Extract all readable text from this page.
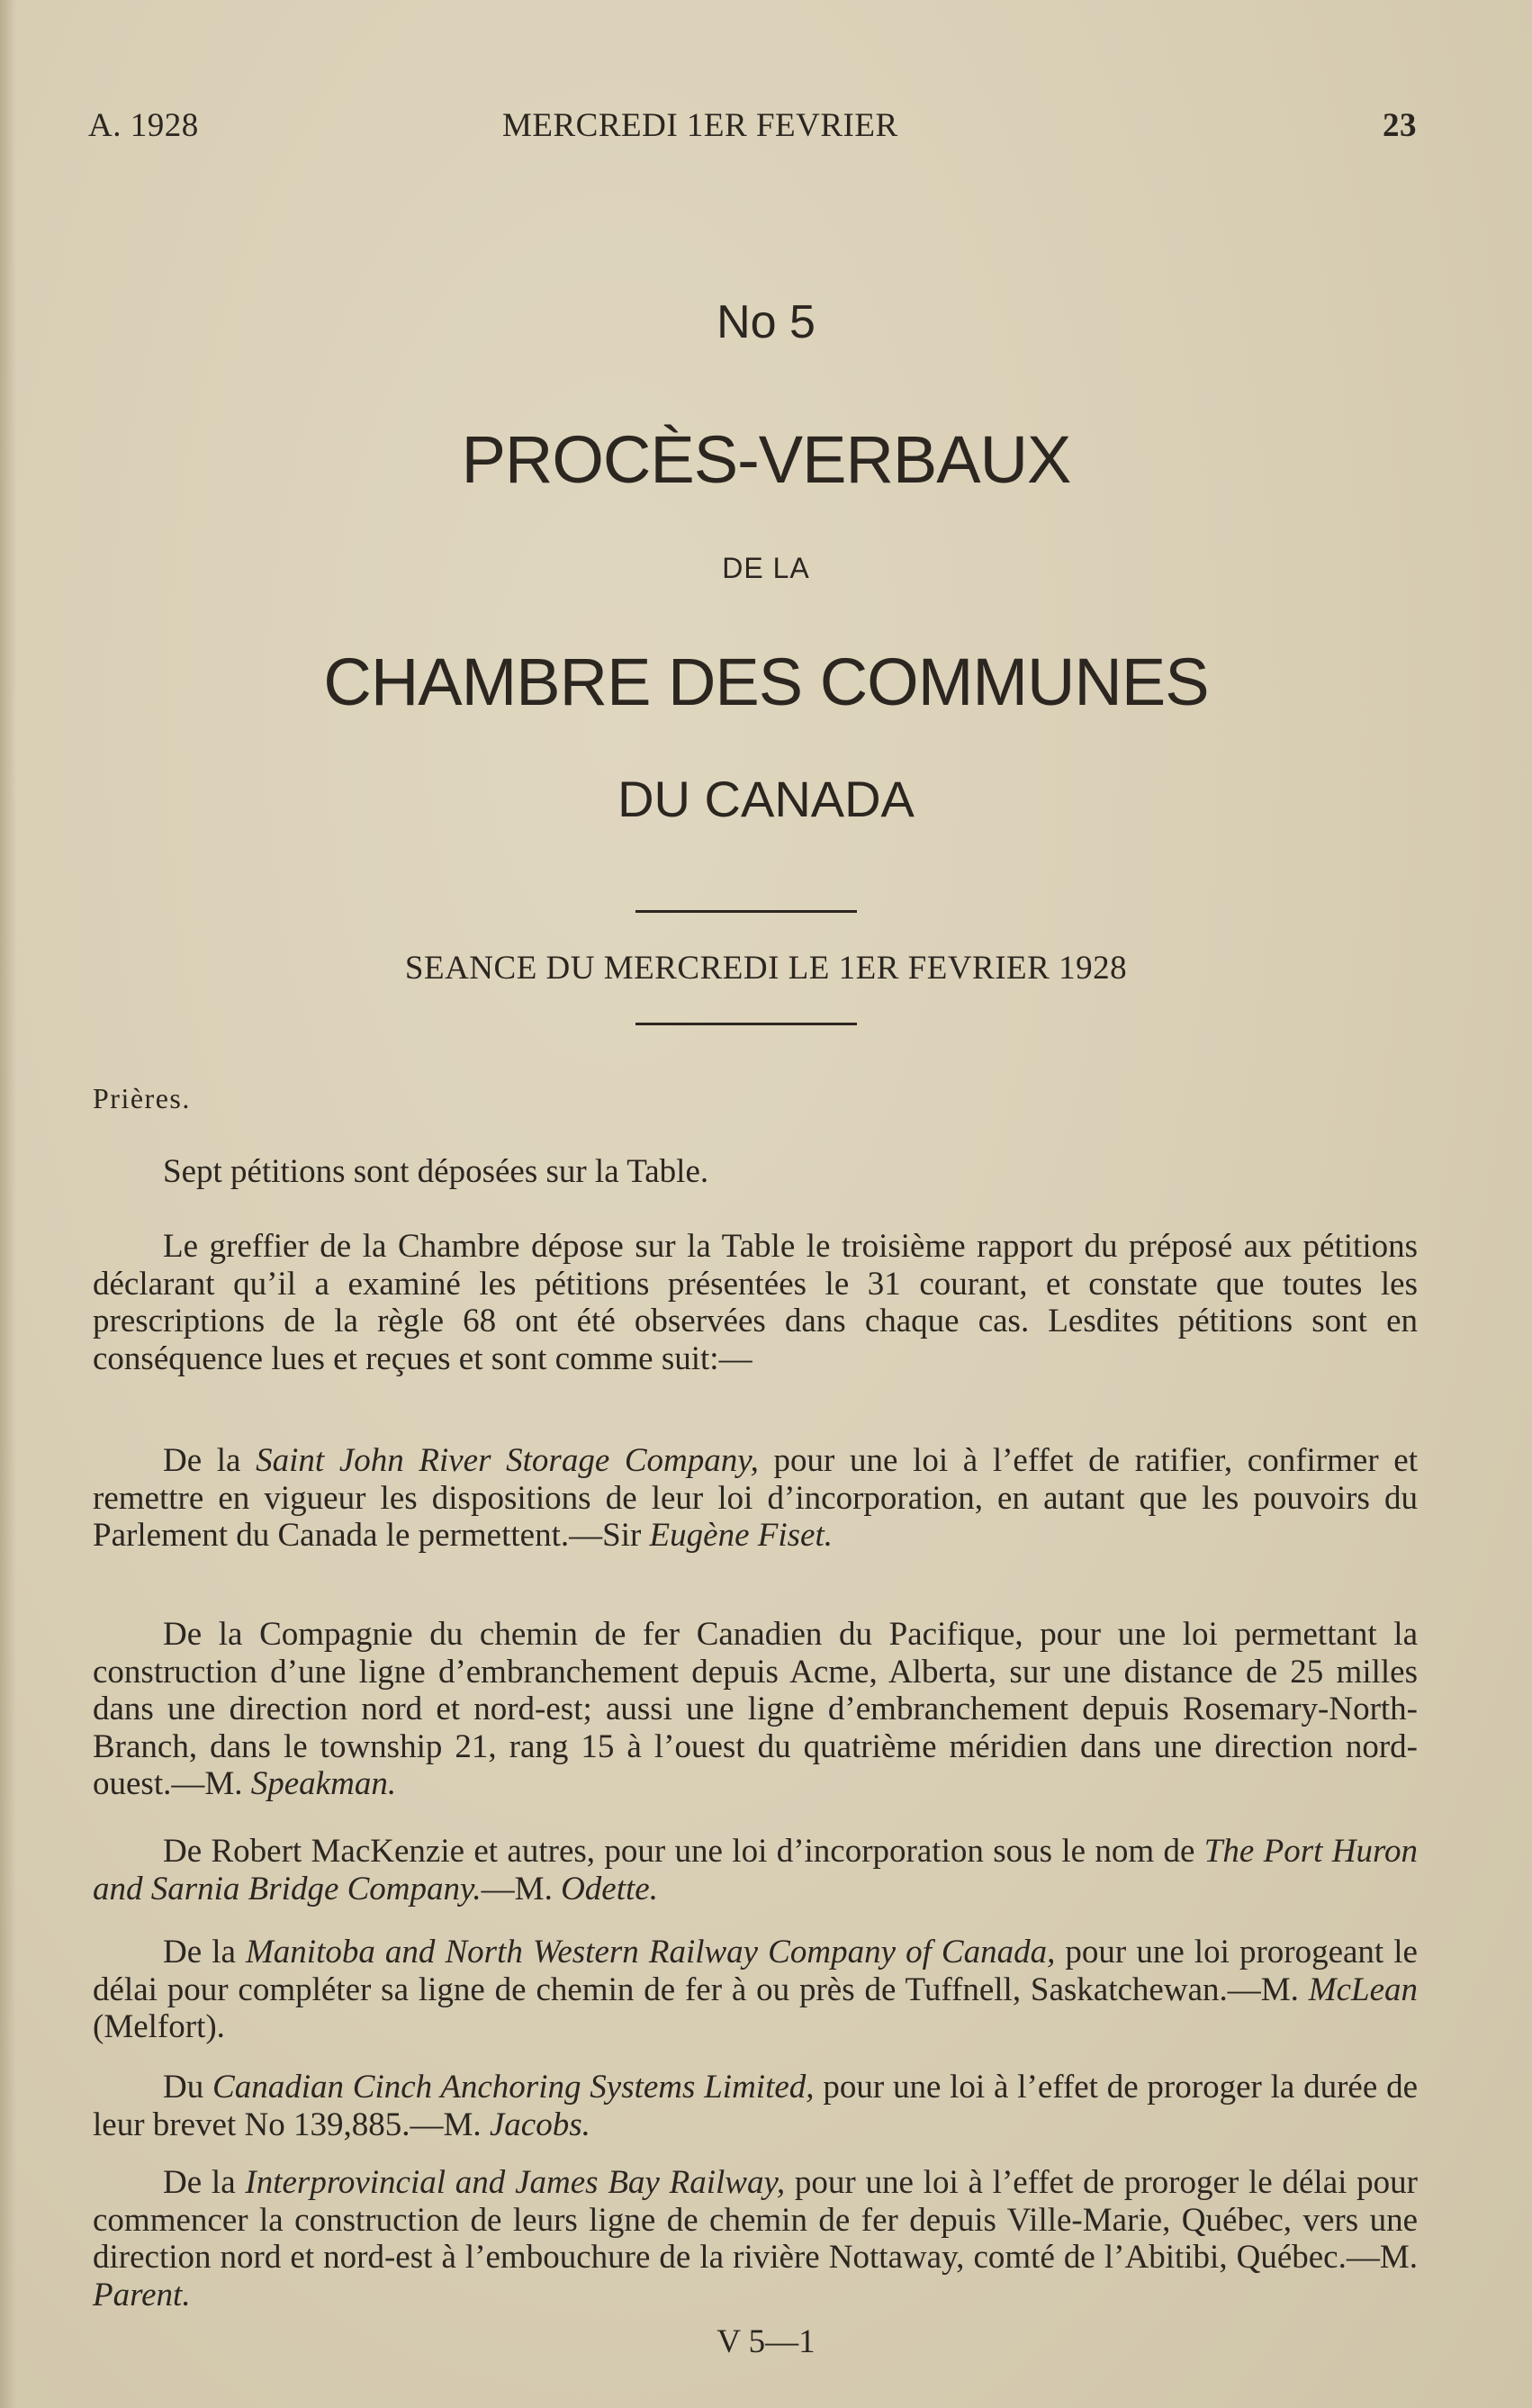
A. 1928	MERCREDI 1ER FEVRIER	23
No 5
PROCÈS-VERBAUX
DE LA
CHAMBRE DES COMMUNES
DU CANADA
SEANCE DU MERCREDI LE 1ER FEVRIER 1928
Prières.

Sept pétitions sont déposées sur la Table.

Le greffier de la Chambre dépose sur la Table le troisième rapport du préposé aux pétitions déclarant qu’il a examiné les pétitions présentées le 31 courant, et constate que toutes les prescriptions de la règle 68 ont été observées dans chaque cas. Lesdites pétitions sont en conséquence lues et reçues et sont comme suit:—

De la Saint John River Storage Company, pour une loi à l’effet de ratifier, confirmer et remettre en vigueur les dispositions de leur loi d’incorporation, en autant que les pouvoirs du Parlement du Canada le permettent.—Sir Eugène Fiset.

De la Compagnie du chemin de fer Canadien du Pacifique, pour une loi permettant la construction d’une ligne d’embranchement depuis Acme, Alberta, sur une distance de 25 milles dans une direction nord et nord-est; aussi une ligne d’embranchement depuis Rosemary-North-Branch, dans le township 21, rang 15 à l’ouest du quatrième méridien dans une direction nord-ouest.—M. Speakman.

De Robert MacKenzie et autres, pour une loi d’incorporation sous le nom de The Port Huron and Sarnia Bridge Company.—M. Odette.

De la Manitoba and North Western Railway Company of Canada, pour une loi prorogeant le délai pour compléter sa ligne de chemin de fer à ou près de Tuffnell, Saskatchewan.—M. McLean (Melfort).

Du Canadian Cinch Anchoring Systems Limited, pour une loi à l’effet de proroger la durée de leur brevet No 139,885.—M. Jacobs.

De la Interprovincial and James Bay Railway, pour une loi à l’effet de proroger le délai pour commencer la construction de leurs ligne de chemin de fer depuis Ville-Marie, Québec, vers une direction nord et nord-est à l’embouchure de la rivière Nottaway, comté de l’Abitibi, Québec.—M. Parent.

V 5—1
